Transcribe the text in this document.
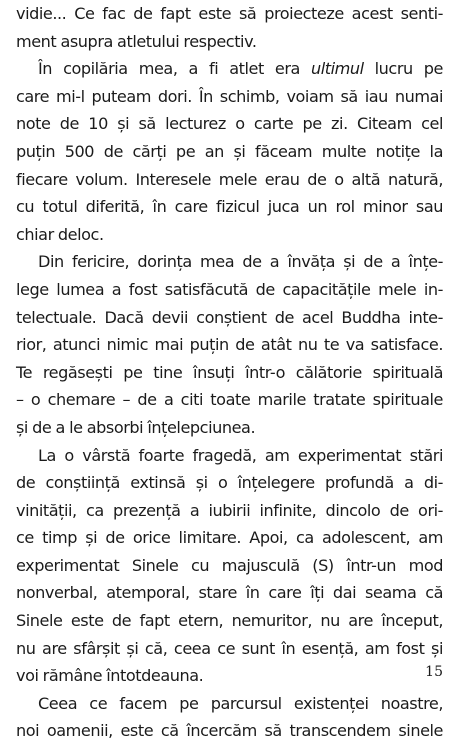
vidie... Ce fac de fapt este să proiecteze acest senti-
ment asupra atletului respectiv.
În copilăria mea, a fi atlet era ultimul lucru pe
care mi-l puteam dori. În schimb, voiam să iau numai
note de 10 și să lecturez o carte pe zi. Citeam cel
puțin 500 de cărți pe an și făceam multe notițe la
fiecare volum. Interesele mele erau de o altă natură,
cu totul diferită, în care fizicul juca un rol minor sau
chiar deloc.
Din fericire, dorința mea de a învăța și de a înțe-
lege lumea a fost satisfăcută de capacitățile mele in-
telectuale. Dacă devii conștient de acel Buddha inte-
rior, atunci nimic mai puțin de atât nu te va satisface.
Te regăsești pe tine însuți într-o călătorie spirituală
– o chemare – de a citi toate marile tratate spirituale
și de a le absorbi înțelepciunea.
La o vârstă foarte fragedă, am experimentat stări
de conștiință extinsă și o înțelegere profundă a di-
vinității, ca prezență a iubirii infinite, dincolo de ori-
ce timp și de orice limitare. Apoi, ca adolescent, am
experimentat Sinele cu majusculă (S) într-un mod
nonverbal, atemporal, stare în care îți dai seama că
Sinele este de fapt etern, nemuritor, nu are început,
nu are sfârșit și că, ceea ce sunt în esență, am fost și
voi rămâne întotdeauna.
Ceea ce facem pe parcursul existenței noastre,
noi oamenii, este că încercăm să transcendem sinele
15
